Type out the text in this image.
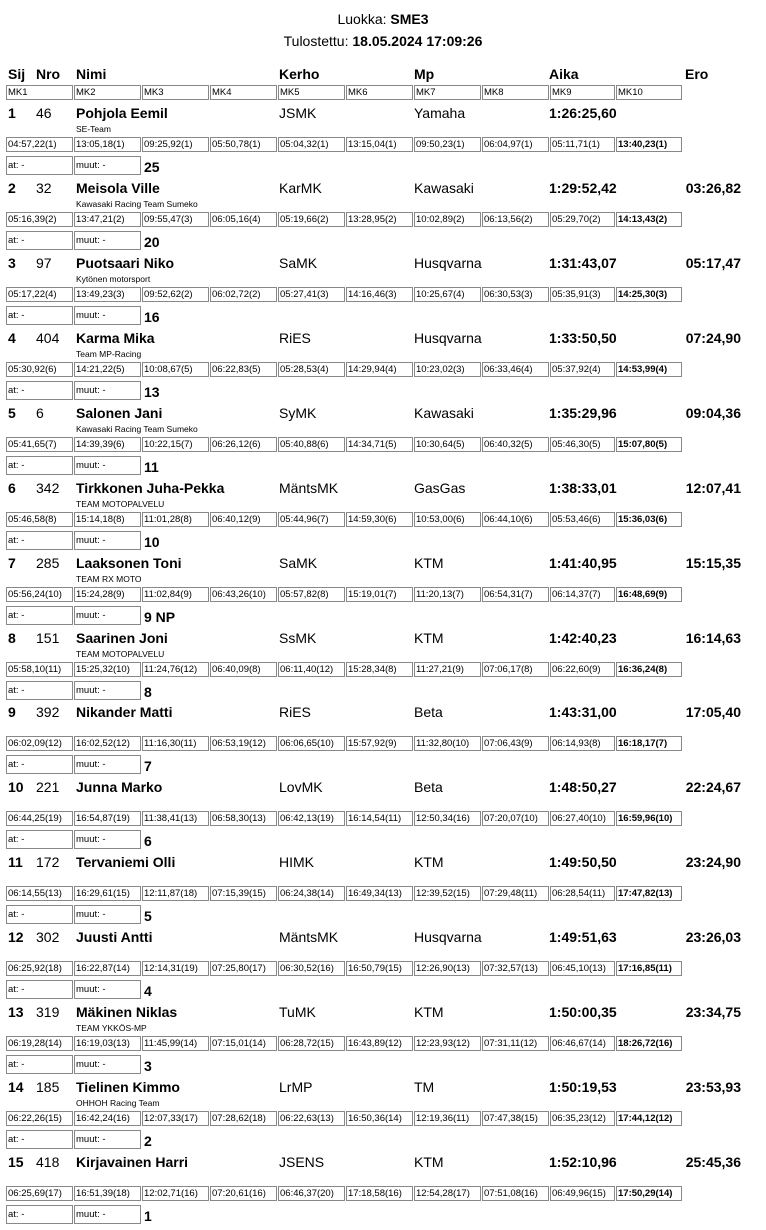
Luokka: SME3
Tulostettu: 18.05.2024 17:09:26
Sij Nro Nimi	Kerho	Mp	Aika	Ero
MK1	MK2	MK3	MK4	MK5	MK6	MK7	MK8	MK9	MK10
1 46 Pohjola Eemil
SE-Team
JSMK	Yamaha	1:26:25,60
04:57,22(1)	13:05,18(1)	09:25,92(1)	05:50,78(1)	05:04,32(1)	13:15,04(1)	09:50,23(1)	06:04,97(1)	05:11,71(1)	13:40,23(1)
at: -	muut: -	25
2 32 Meisola Ville
Kawasaki Racing Team Sumeko
KarMK	Kawasaki	1:29:52,42	03:26,82
05:16,39(2)	13:47,21(2)	09:55,47(3)	06:05,16(4)	05:19,66(2)	13:28,95(2)	10:02,89(2)	06:13,56(2)	05:29,70(2)	14:13,43(2)
at: -	muut: -	20
3 97 Puotsaari Niko
Kytönen motorsport
SaMK	Husqvarna	1:31:43,07	05:17,47
05:17,22(4)	13:49,23(3)	09:52,62(2)	06:02,72(2)	05:27,41(3)	14:16,46(3)	10:25,67(4)	06:30,53(3)	05:35,91(3)	14:25,30(3)
at: -	muut: -	16
4 404 Karma Mika
Team MP-Racing
RiES	Husqvarna	1:33:50,50	07:24,90
05:30,92(6)	14:21,22(5)	10:08,67(5)	06:22,83(5)	05:28,53(4)	14:29,94(4)	10:23,02(3)	06:33,46(4)	05:37,92(4)	14:53,99(4)
at: -	muut: -	13
5 6 Salonen Jani
Kawasaki Racing Team Sumeko
SyMK	Kawasaki	1:35:29,96	09:04,36
05:41,65(7)	14:39,39(6)	10:22,15(7)	06:26,12(6)	05:40,88(6)	14:34,71(5)	10:30,64(5)	06:40,32(5)	05:46,30(5)	15:07,80(5)
at: -	muut: -	11
6 342 Tirkkonen Juha-Pekka
TEAM MOTOPALVELU
MäntsMK	GasGas	1:38:33,01	12:07,41
05:46,58(8)	15:14,18(8)	11:01,28(8)	06:40,12(9)	05:44,96(7)	14:59,30(6)	10:53,00(6)	06:44,10(6)	05:53,46(6)	15:36,03(6)
at: -	muut: -	10
7 285 Laaksonen Toni
TEAM RX MOTO
SaMK	KTM	1:41:40,95	15:15,35
05:56,24(10)	15:24,28(9)	11:02,84(9)	06:43,26(10)	05:57,82(8)	15:19,01(7)	11:20,13(7)	06:54,31(7)	06:14,37(7)	16:48,69(9)
at: -	muut: -	9 NP
8 151 Saarinen Joni
TEAM MOTOPALVELU
SsMK	KTM	1:42:40,23	16:14,63
05:58,10(11)	15:25,32(10)	11:24,76(12)	06:40,09(8)	06:11,40(12)	15:28,34(8)	11:27,21(9)	07:06,17(8)	06:22,60(9)	16:36,24(8)
at: -	muut: -	8
9 392 Nikander Matti	RiES	Beta	1:43:31,00	17:05,40
06:02,09(12)	16:02,52(12)	11:16,30(11)	06:53,19(12)	06:06,65(10)	15:57,92(9)	11:32,80(10)	07:06,43(9)	06:14,93(8)	16:18,17(7)
at: -	muut: -	7
10 221 Junna Marko	LovMK	Beta	1:48:50,27	22:24,67
06:44,25(19)	16:54,87(19)	11:38,41(13)	06:58,30(13)	06:42,13(19)	16:14,54(11)	12:50,34(16)	07:20,07(10)	06:27,40(10)	16:59,96(10)
at: -	muut: -	6
11 172 Tervaniemi Olli	HIMK	KTM	1:49:50,50	23:24,90
06:14,55(13)	16:29,61(15)	12:11,87(18)	07:15,39(15)	06:24,38(14)	16:49,34(13)	12:39,52(15)	07:29,48(11)	06:28,54(11)	17:47,82(13)
at: -	muut: -	5
12 302 Juusti Antti	MäntsMK	Husqvarna	1:49:51,63	23:26,03
06:25,92(18)	16:22,87(14)	12:14,31(19)	07:25,80(17)	06:30,52(16)	16:50,79(15)	12:26,90(13)	07:32,57(13)	06:45,10(13)	17:16,85(11)
at: -	muut: -	4
13 319 Mäkinen Niklas
TEAM YKKÖS-MP
TuMK	KTM	1:50:00,35	23:34,75
06:19,28(14)	16:19,03(13)	11:45,99(14)	07:15,01(14)	06:28,72(15)	16:43,89(12)	12:23,93(12)	07:31,11(12)	06:46,67(14)	18:26,72(16)
at: -	muut: -	3
14 185 Tielinen Kimmo
OHHOH Racing Team
LrMP	TM	1:50:19,53	23:53,93
06:22,26(15)	16:42,24(16)	12:07,33(17)	07:28,62(18)	06:22,63(13)	16:50,36(14)	12:19,36(11)	07:47,38(15)	06:35,23(12)	17:44,12(12)
at: -	muut: -	2
15 418 Kirjavainen Harri	JSENS	KTM	1:52:10,96	25:45,36
06:25,69(17)	16:51,39(18)	12:02,71(16)	07:20,61(16)	06:46,37(20)	17:18,58(16)	12:54,28(17)	07:51,08(16)	06:49,96(15)	17:50,29(14)
at: -	muut: -	1
